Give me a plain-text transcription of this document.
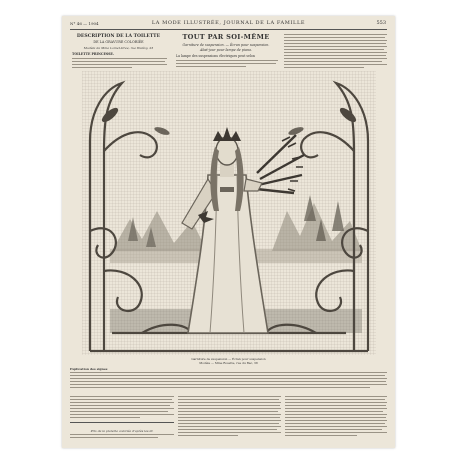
N° 46 — 1904	LA MODE ILLUSTRÉE, JOURNAL DE LA FAMILLE	553
DESCRIPTION DE LA TOILETTE
DE LA GRAVURE COLORIÉE
Modèle de Mme Lomet-Dree, rue Halévy, 23
TOILETTE PRINCESSE.
TOUT PAR SOI-MÊME
Garniture de suspension. — Écran pour suspension.
Abat-jour pour lampe de piano.
La lampe des suspensions électriques peut selon
Garniture de suspension — Écran pour suspension
Modèle — Mme Rosette, rue du Bac, 38
Explication des signes
Prix de la planche coloriée d'après les ill.
